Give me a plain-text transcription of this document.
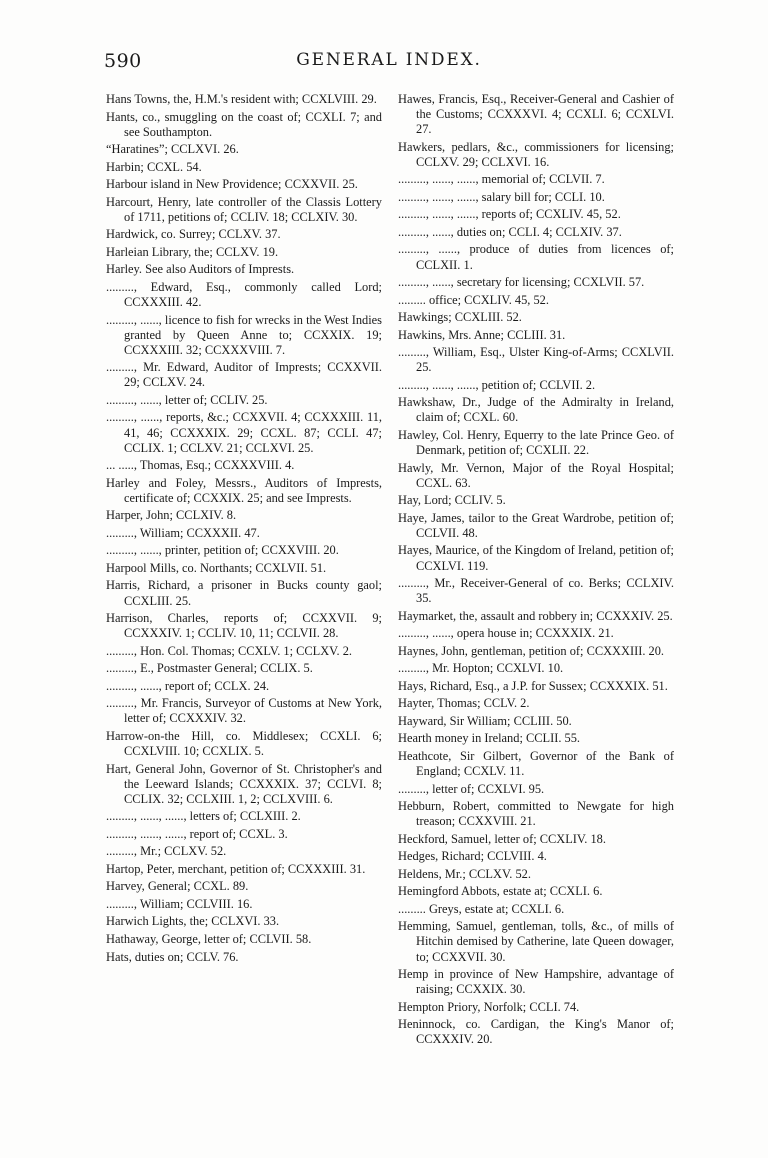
590	GENERAL INDEX.

Hans Towns, the, H.M.'s resident with; CCXLVIII. 29.

Hants, co., smuggling on the coast of; CCXLI. 7; and see Southampton.

“Haratines”; CCLXVI. 26.

Harbin; CCXL. 54.

Harbour island in New Providence; CCXXVII. 25.

Harcourt, Henry, late controller of the Classis Lottery of 1711, petitions of; CCLIV. 18; CCLXIV. 30.

Hardwick, co. Surrey; CCLXV. 37.

Harleian Library, the; CCLXV. 19.

Harley. See also Auditors of Imprests.

........., Edward, Esq., commonly called Lord; CCXXXIII. 42.

........., ......, licence to fish for wrecks in the West Indies granted by Queen Anne to; CCXXIX. 19; CCXXXIII. 32; CCXXXVIII. 7.

........., Mr. Edward, Auditor of Imprests; CCXXVII. 29; CCLXV. 24.

........., ......, letter of; CCLIV. 25.

........., ......, reports, &c.; CCXXVII. 4; CCXXXIII. 11, 41, 46; CCXXXIX. 29; CCXL. 87; CCLI. 47; CCLIX. 1; CCLXV. 21; CCLXVI. 25.

... ....., Thomas, Esq.; CCXXXVIII. 4.

Harley and Foley, Messrs., Auditors of Imprests, certificate of; CCXXIX. 25; and see Imprests.

Harper, John; CCLXIV. 8.

........., William; CCXXXII. 47.

........., ......, printer, petition of; CCXXVIII. 20.

Harpool Mills, co. Northants; CCXLVII. 51.

Harris, Richard, a prisoner in Bucks county gaol; CCXLIII. 25.

Harrison, Charles, reports of; CCXXVII. 9; CCXXXIV. 1; CCLIV. 10, 11; CCLVII. 28.

........., Hon. Col. Thomas; CCXLV. 1; CCLXV. 2.

........., E., Postmaster General; CCLIX. 5.

........., ......, report of; CCLX. 24.

........., Mr. Francis, Surveyor of Customs at New York, letter of; CCXXXIV. 32.

Harrow-on-the Hill, co. Middlesex; CCXLI. 6; CCXLVIII. 10; CCXLIX. 5.

Hart, General John, Governor of St. Christopher's and the Leeward Islands; CCXXXIX. 37; CCLVI. 8; CCLIX. 32; CCLXIII. 1, 2; CCLXVIII. 6.

........., ......, ......, letters of; CCLXIII. 2.

........., ......, ......, report of; CCXL. 3.

........., Mr.; CCLXV. 52.

Hartop, Peter, merchant, petition of; CCXXXIII. 31.

Harvey, General; CCXL. 89.

........., William; CCLVIII. 16.

Harwich Lights, the; CCLXVI. 33.

Hathaway, George, letter of; CCLVII. 58.

Hats, duties on; CCLV. 76.

Hawes, Francis, Esq., Receiver-General and Cashier of the Customs; CCXXXVI. 4; CCXLI. 6; CCXLVI. 27.

Hawkers, pedlars, &c., commissioners for licensing; CCLXV. 29; CCLXVI. 16.

........., ......, ......, memorial of; CCLVII. 7.

........., ......, ......, salary bill for; CCLI. 10.

........., ......, ......, reports of; CCXLIV. 45, 52.

........., ......, duties on; CCLI. 4; CCLXIV. 37.

........., ......, produce of duties from licences of; CCLXII. 1.

........., ......, secretary for licensing; CCXLVII. 57.

......... office; CCXLIV. 45, 52.

Hawkings; CCXLIII. 52.

Hawkins, Mrs. Anne; CCLIII. 31.

........., William, Esq., Ulster King-of-Arms; CCXLVII. 25.

........., ......, ......, petition of; CCLVII. 2.

Hawkshaw, Dr., Judge of the Admiralty in Ireland, claim of; CCXL. 60.

Hawley, Col. Henry, Equerry to the late Prince Geo. of Denmark, petition of; CCXLII. 22.

Hawly, Mr. Vernon, Major of the Royal Hospital; CCXL. 63.

Hay, Lord; CCLIV. 5.

Haye, James, tailor to the Great Wardrobe, petition of; CCLVII. 48.

Hayes, Maurice, of the Kingdom of Ireland, petition of; CCXLVI. 119.

........., Mr., Receiver-General of co. Berks; CCLXIV. 35.

Haymarket, the, assault and robbery in; CCXXXIV. 25.

........., ......, opera house in; CCXXXIX. 21.

Haynes, John, gentleman, petition of; CCXXXIII. 20.

........., Mr. Hopton; CCXLVI. 10.

Hays, Richard, Esq., a J.P. for Sussex; CCXXXIX. 51.

Hayter, Thomas; CCLV. 2.

Hayward, Sir William; CCLIII. 50.

Hearth money in Ireland; CCLII. 55.

Heathcote, Sir Gilbert, Governor of the Bank of England; CCXLV. 11.

........., letter of; CCXLVI. 95.

Hebburn, Robert, committed to Newgate for high treason; CCXXVIII. 21.

Heckford, Samuel, letter of; CCXLIV. 18.

Hedges, Richard; CCLVIII. 4.

Heldens, Mr.; CCLXV. 52.

Hemingford Abbots, estate at; CCXLI. 6.

......... Greys, estate at; CCXLI. 6.

Hemming, Samuel, gentleman, tolls, &c., of mills of Hitchin demised by Catherine, late Queen dowager, to; CCXXVII. 30.

Hemp in province of New Hampshire, advantage of raising; CCXXIX. 30.

Hempton Priory, Norfolk; CCLI. 74.

Heninnock, co. Cardigan, the King's Manor of; CCXXXIV. 20.
